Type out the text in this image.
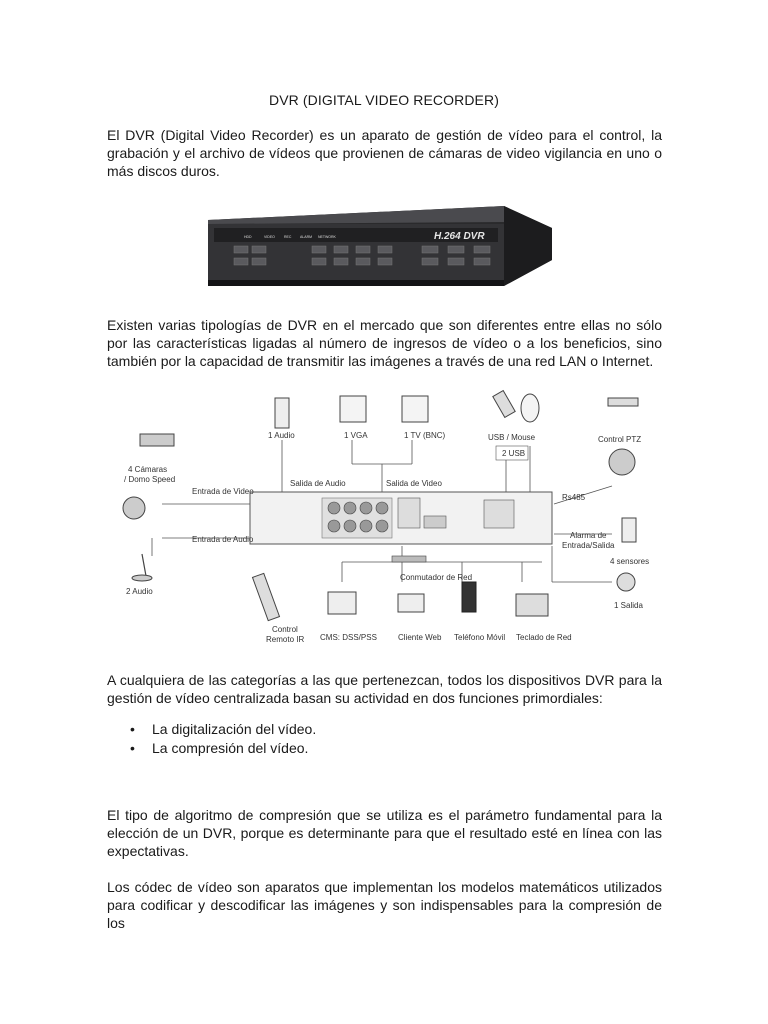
DVR (DIGITAL VIDEO RECORDER)

El DVR (Digital Video Recorder) es un aparato de gestión de vídeo para el control, la grabación y el archivo de vídeos que provienen de cámaras de video vigilancia en uno o más discos duros.

H.264 DVR
HDD	VIDEO	REC ALARM NETWORK

Existen varias tipologías de DVR en el mercado que son diferentes entre ellas no sólo por las características ligadas al número de ingresos de vídeo o a los beneficios, sino también por la capacidad de transmitir las imágenes a través de una red LAN o Internet.

1 Audio	1 VGA	1 TV (BNC)	USB / Mouse
2 USB
Control PTZ
4 Cámaras
/ Domo Speed
Entrada de Video
Salida de Audio	Salida de Video
Rs485
Entrada de Audio	Alarma de
Entrada/Salida
4 sensores
2 Audio
Conmutador de Red
1 Salida
Control
Remoto IR CMS: DSS/PSS	Cliente Web Teléfono Móvil Teclado de Red

A cualquiera de las categorías a las que pertenezcan, todos los dispositivos DVR para la gestión de vídeo centralizada basan su actividad en dos funciones primordiales:

• La digitalización del vídeo.
• La compresión del vídeo.

El tipo de algoritmo de compresión que se utiliza es el parámetro fundamental para la elección de un DVR, porque es determinante para que el resultado esté en línea con las expectativas.

Los códec de vídeo son aparatos que implementan los modelos matemáticos utilizados para codificar y descodificar las imágenes y son indispensables para la compresión de los
